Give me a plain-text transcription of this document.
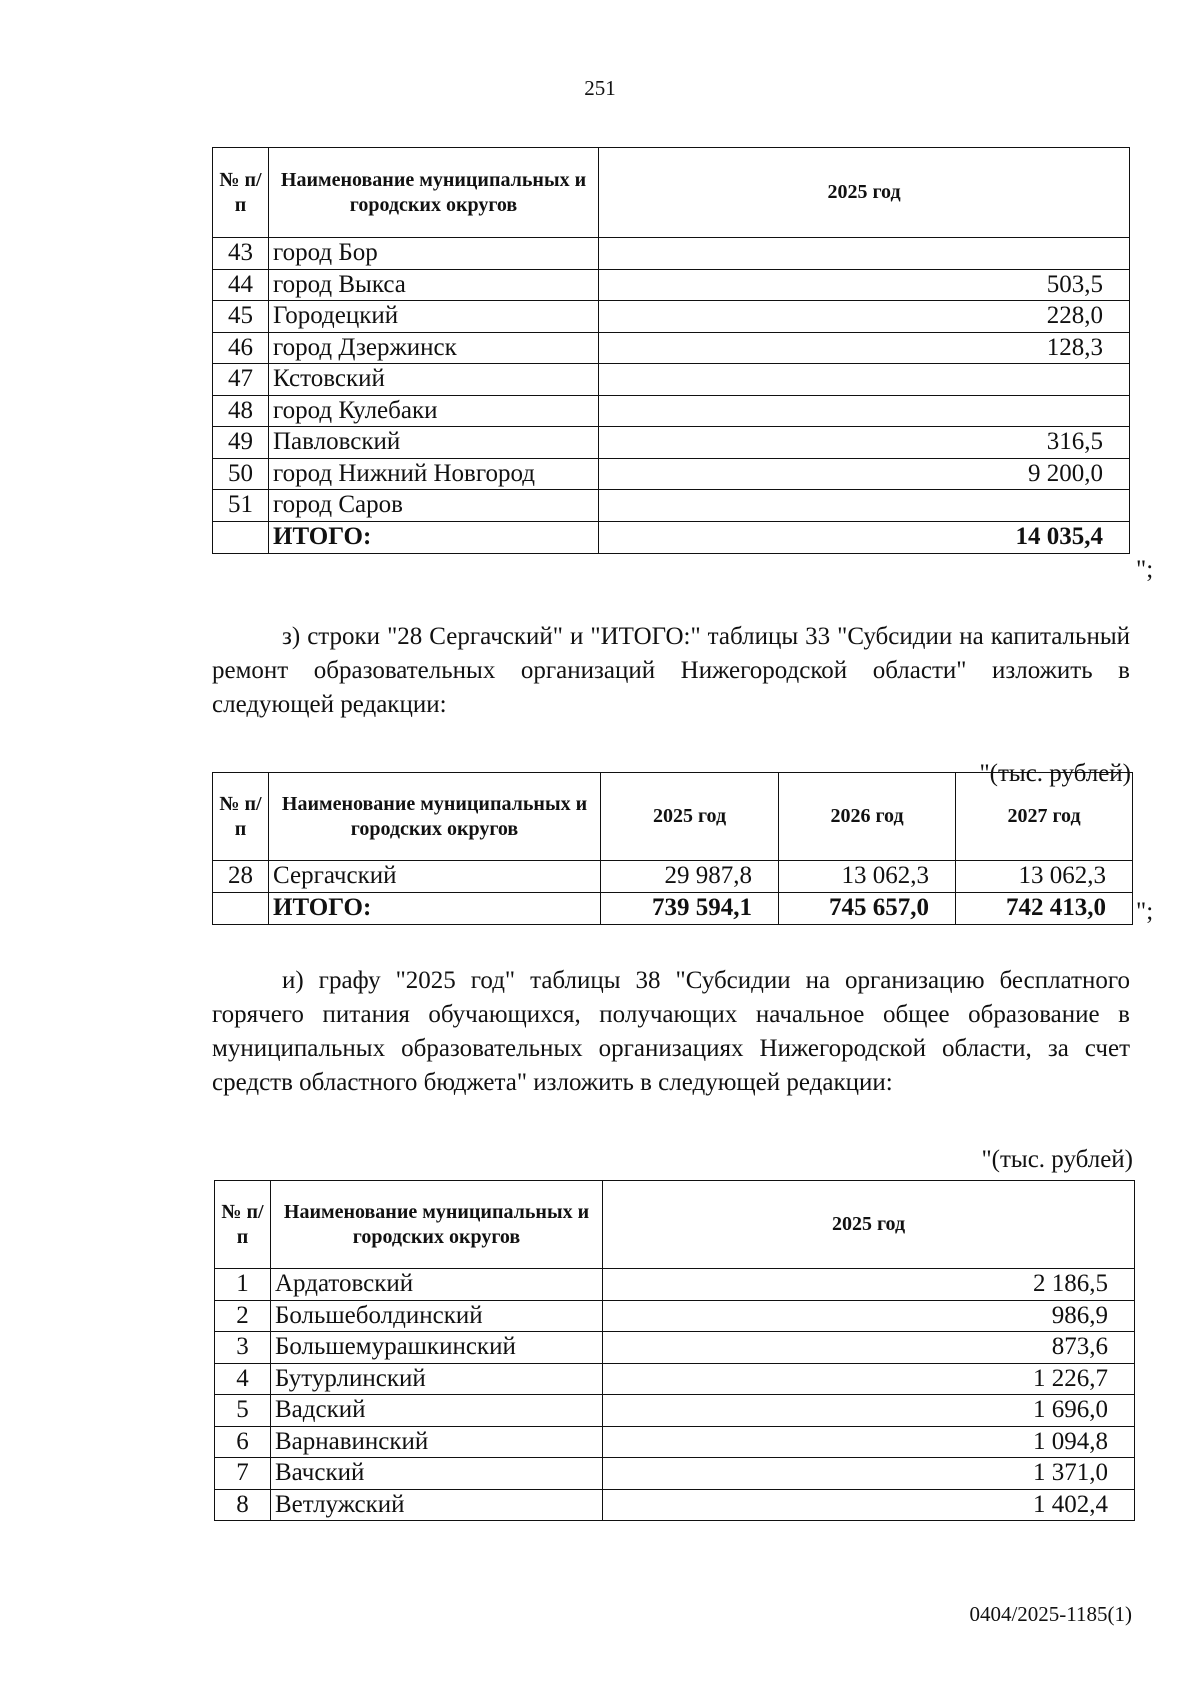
251
№ п/п	Наименование муниципальных и городских округов	2025 год
43	город Бор	
44	город Выкса	503,5
45	Городецкий	228,0
46	город Дзержинск	128,3
47	Кстовский	
48	город Кулебаки	
49	Павловский	316,5
50	город Нижний Новгород	9 200,0
51	город Саров	
	ИТОГО:	14 035,4
";
з) строки "28 Сергачский" и "ИТОГО:" таблицы 33 "Субсидии на капитальный ремонт образовательных организаций Нижегородской области" изложить в следующей редакции:
"(тыс. рублей)
№ п/п	Наименование муниципальных и городских округов	2025 год	2026 год	2027 год
28	Сергачский	29 987,8	13 062,3	13 062,3
	ИТОГО:	739 594,1	745 657,0	742 413,0 ";
и) графу "2025 год" таблицы 38 "Субсидии на организацию бесплатного горячего питания обучающихся, получающих начальное общее образование в муниципальных образовательных организациях Нижегородской области, за счет средств областного бюджета" изложить в следующей редакции:
"(тыс. рублей)
№ п/п	Наименование муниципальных и городских округов	2025 год
1	Ардатовский	2 186,5
2	Большеболдинский	986,9
3	Большемурашкинский	873,6
4	Бутурлинский	1 226,7
5	Вадский	1 696,0
6	Варнавинский	1 094,8
7	Вачский	1 371,0
8	Ветлужский	1 402,4
0404/2025-1185(1)
